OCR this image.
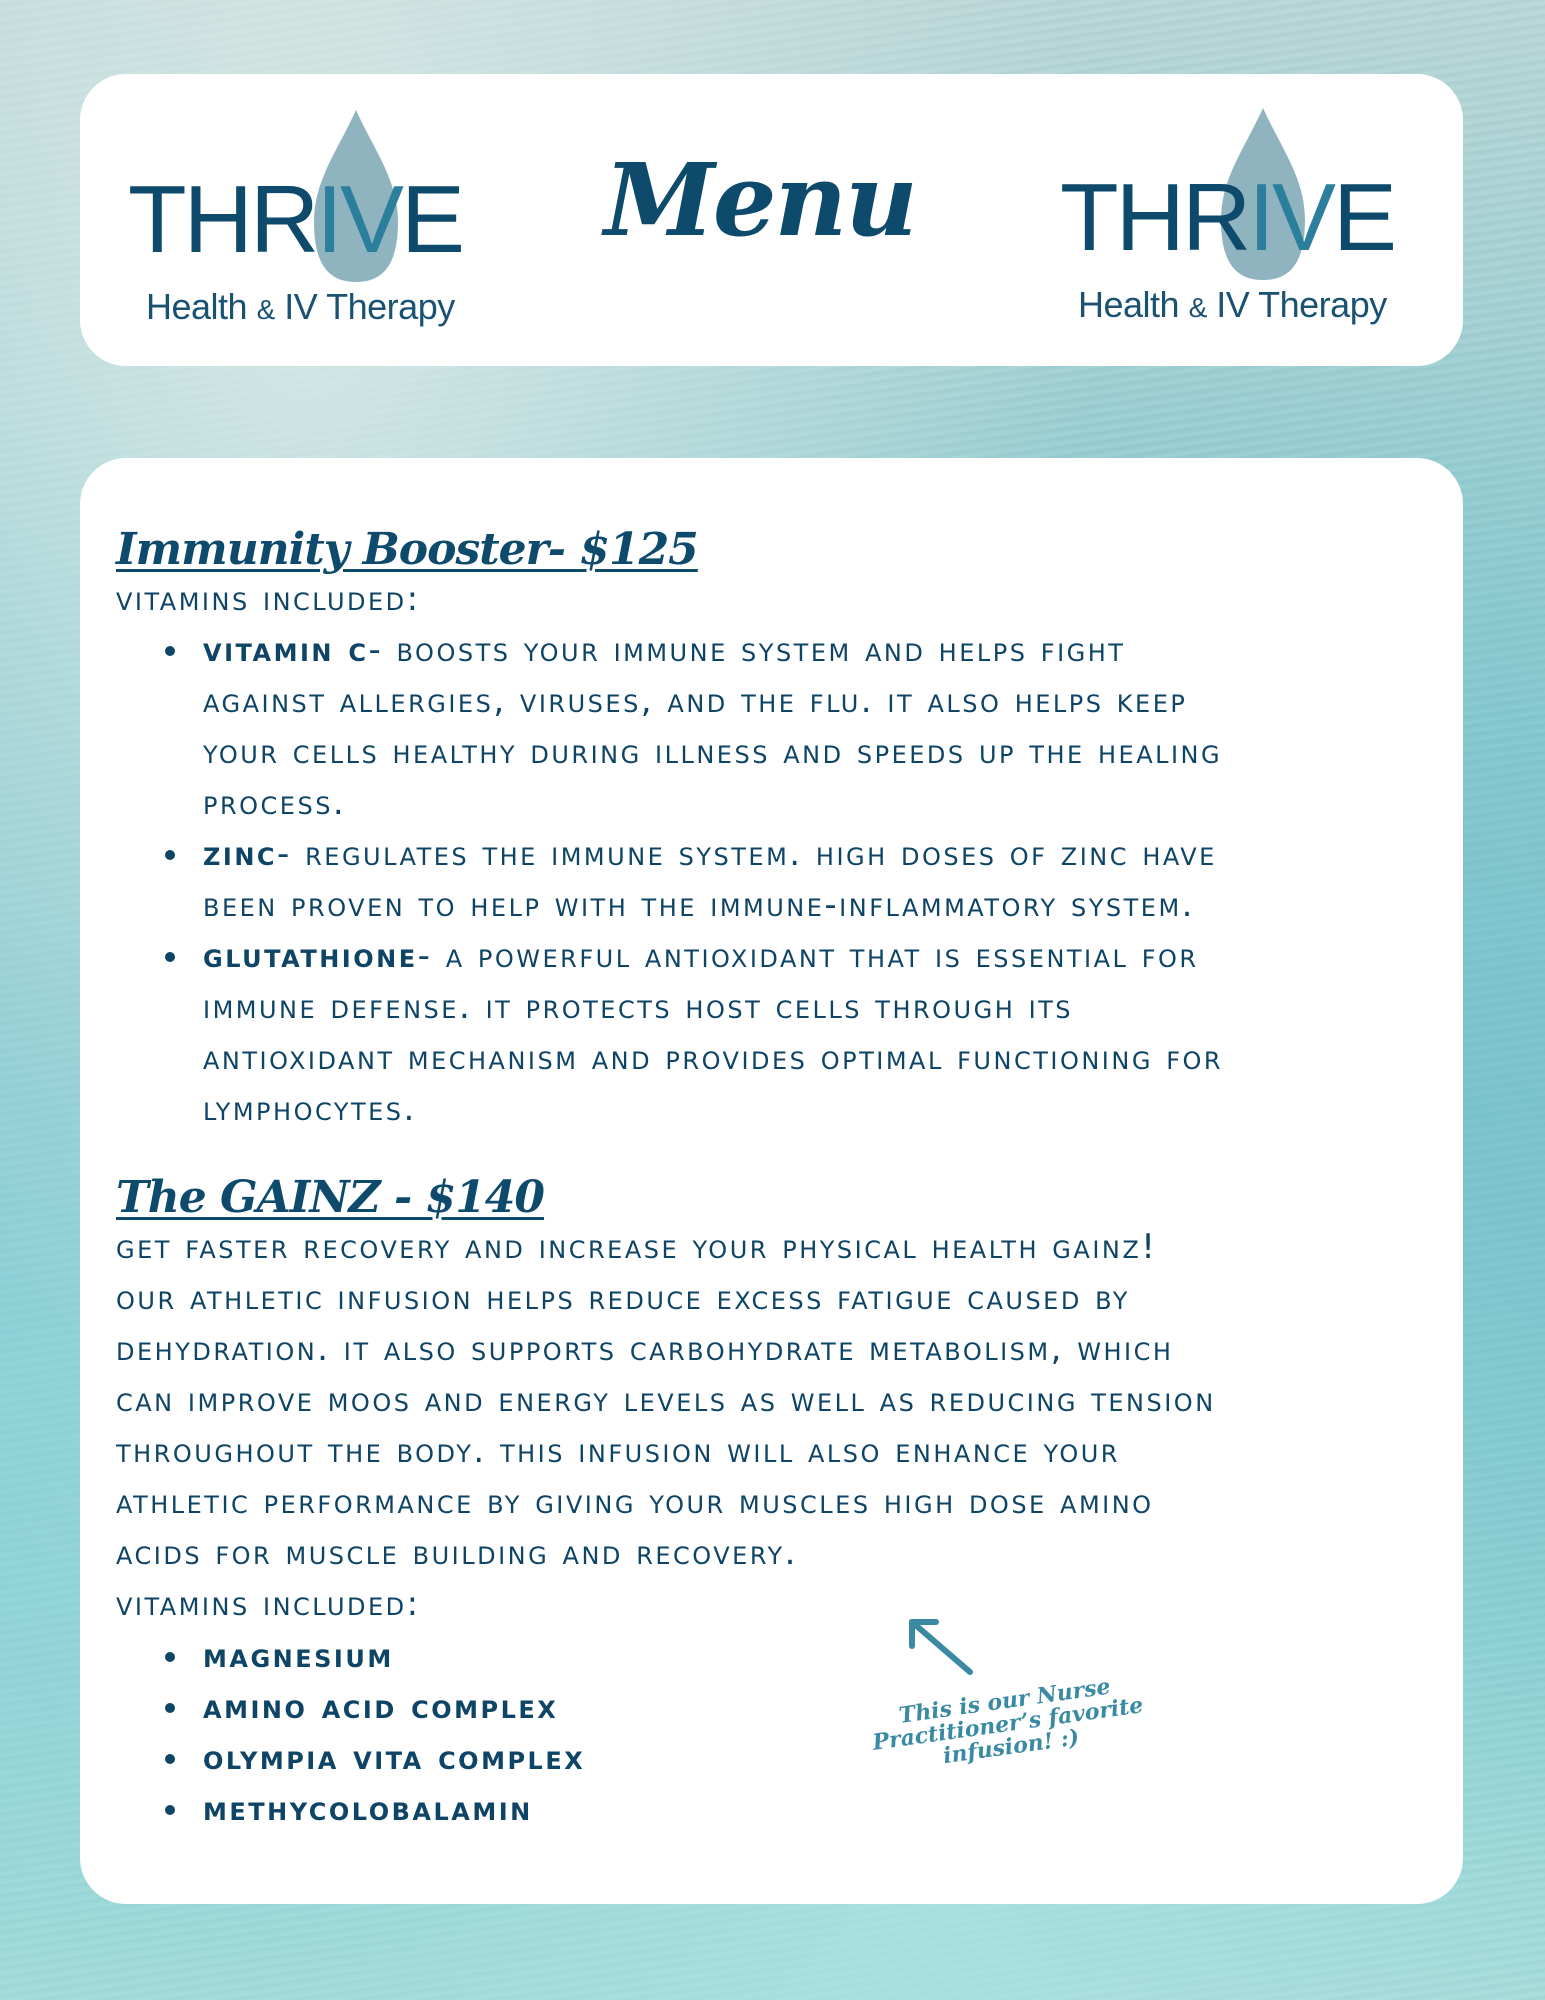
THRIVE
Health & IV Therapy
Menu THRIVE
Health & IV Therapy
Immunity Booster- $125
vitamins included:
vitamin c- boosts your immune system and helps fight
against allergies, viruses, and the flu. it also helps keep
your cells healthy during illness and speeds up the healing
process.
zinc- regulates the immune system. high doses of zinc have
been proven to help with the immune-inflammatory system.
glutathione- a powerful antioxidant that is essential for
immune defense. it protects host cells through its
antioxidant mechanism and provides optimal functioning for
lymphocytes.
The GAINZ - $140
get faster recovery and increase your physical health gainz!
our athletic infusion helps reduce excess fatigue caused by
dehydration. it also supports carbohydrate metabolism, which
can improve moos and energy levels as well as reducing tension
throughout the body. this infusion will also enhance your
athletic performance by giving your muscles high dose amino
acids for muscle building and recovery.
vitamins included:
magnesium
amino acid complex
olympia vita complex
methycolobalamin
This is our Nurse Practitioner’s favorite infusion! :)
